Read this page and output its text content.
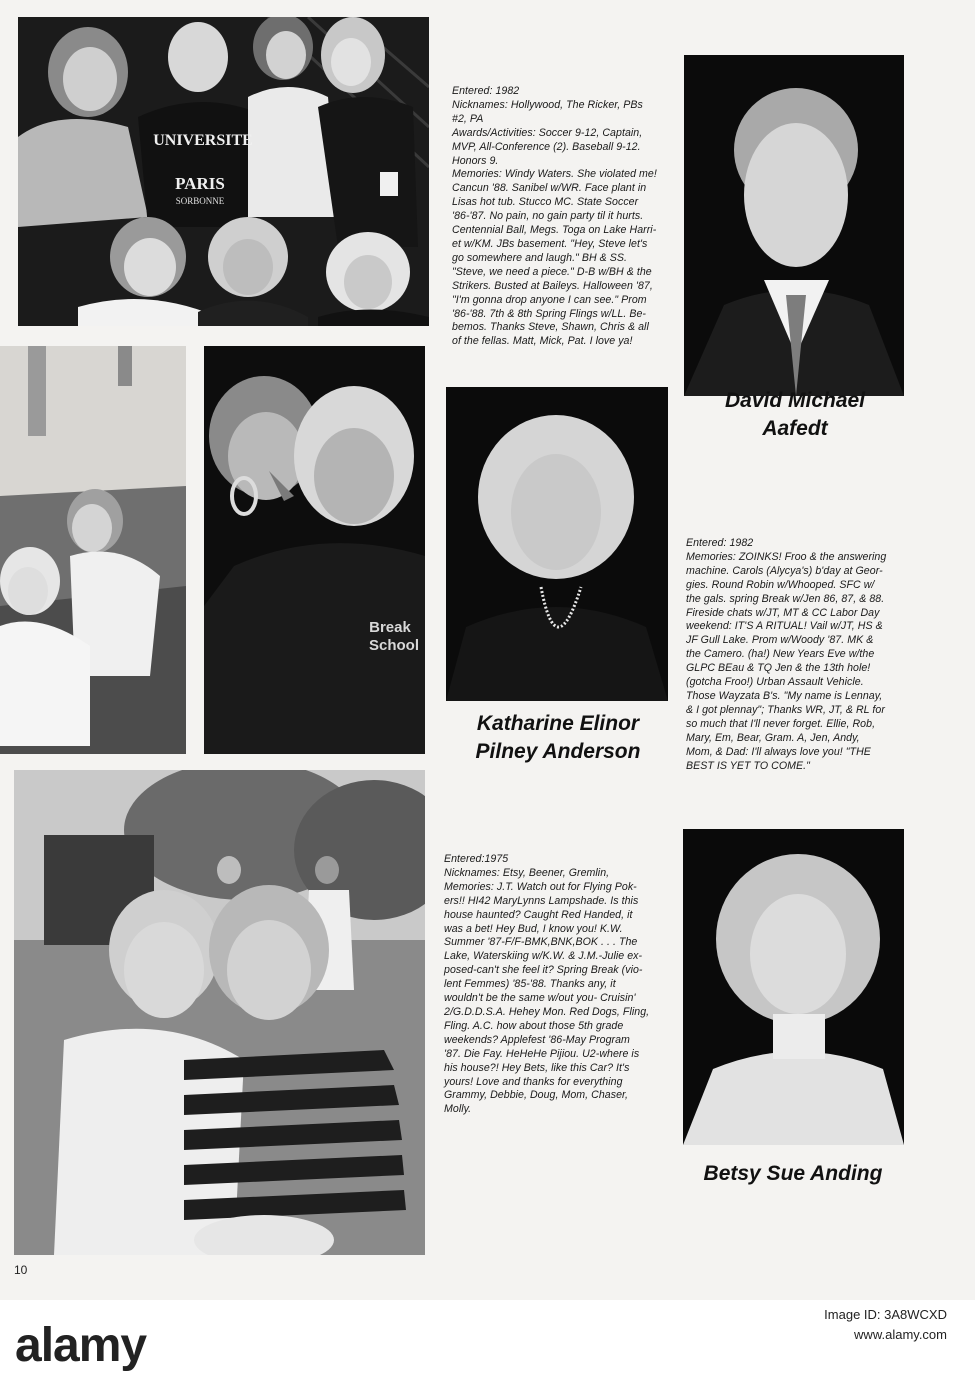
UNIVERSITE
PARIS
SORBONNE
Break
School

Entered: 1982
Nicknames: Hollywood, The Ricker, PBs
#2, PA
Awards/Activities: Soccer 9-12, Captain,
MVP, All-Conference (2). Baseball 9-12.
Honors 9.
Memories: Windy Waters. She violated me!
Cancun '88. Sanibel w/WR. Face plant in
Lisas hot tub. Stucco MC. State Soccer
'86-'87. No pain, no gain party til it hurts.
Centennial Ball, Megs. Toga on Lake Harri-
et w/KM. JBs basement. "Hey, Steve let's
go somewhere and laugh." BH & SS.
"Steve, we need a piece." D-B w/BH & the
Strikers. Busted at Baileys. Halloween '87,
"I'm gonna drop anyone I can see." Prom
'86-'88. 7th & 8th Spring Flings w/LL. Be-
bemos. Thanks Steve, Shawn, Chris & all
of the fellas. Matt, Mick, Pat. I love ya!

David Michael
Aafedt

Katharine Elinor
Pilney Anderson

Entered: 1982
Memories: ZOINKS! Froo & the answering
machine. Carols (Alycya's) b'day at Geor-
gies. Round Robin w/Whooped. SFC w/
the gals. spring Break w/Jen 86, 87, & 88.
Fireside chats w/JT, MT & CC Labor Day
weekend: IT'S A RITUAL! Vail w/JT, HS &
JF Gull Lake. Prom w/Woody '87. MK &
the Camero. (ha!) New Years Eve w/the
GLPC BEau & TQ Jen & the 13th hole!
(gotcha Froo!) Urban Assault Vehicle.
Those Wayzata B's. "My name is Lennay,
& I got plennay"; Thanks WR, JT, & RL for
so much that I'll never forget. Ellie, Rob,
Mary, Em, Bear, Gram. A, Jen, Andy,
Mom, & Dad: I'll always love you! "THE
BEST IS YET TO COME."

Entered:1975
Nicknames: Etsy, Beener, Gremlin,
Memories: J.T. Watch out for Flying Pok-
ers!! HI42 MaryLynns Lampshade. Is this
house haunted? Caught Red Handed, it
was a bet! Hey Bud, I know you! K.W.
Summer '87-F/F-BMK,BNK,BOK . . . The
Lake, Waterskiing w/K.W. & J.M.-Julie ex-
posed-can't she feel it? Spring Break (vio-
lent Femmes) '85-'88. Thanks any, it
wouldn't be the same w/out you- Cruisin'
2/G.D.D.S.A. Hehey Mon. Red Dogs, Fling,
Fling. A.C. how about those 5th grade
weekends? Applefest '86-May Program
'87. Die Fay. HeHeHe Pijiou. U2-where is
his house?! Hey Bets, like this Car? It's
yours! Love and thanks for everything
Grammy, Debbie, Doug, Mom, Chaser,
Molly.

Betsy Sue Anding

10
alamy
Image ID: 3A8WCXD
www.alamy.com
